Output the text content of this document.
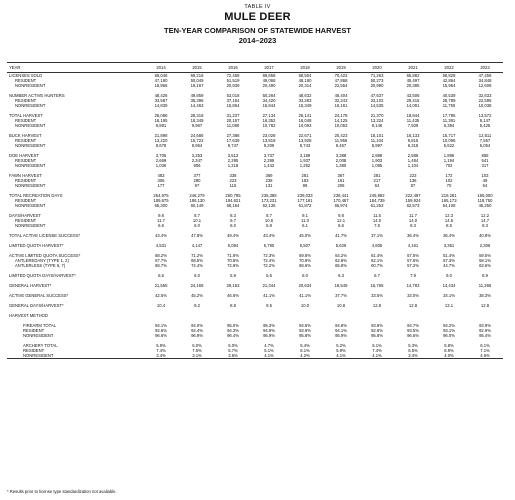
TABLE IV
MULE DEER
TEN-YEAR COMPARISON OF STATEWIDE HARVEST
2014–2023
YEAR	2014	2015	2016	2017	2018	2019	2020	2021	2022	2023
LICENSES SOLD	66,046	69,216	72,458	69,658	68,504	70,422	71,263	65,882	58,828	47,456
RESIDENT	47,180	50,049	51,519	49,068	48,190	47,868	50,273	45,497	42,864	34,848
NONRESIDENT	18,866	19,167	20,939	20,490	20,314	22,554	20,990	20,385	15,964	12,608

NUMBER ACTIVE HUNTERS	48,426	49,859	53,018	50,264	48,632	48,404	47,637	43,506	40,539	32,633
RESIDENT	33,587	35,396	37,154	34,420	33,283	32,243	33,102	29,415	28,789	22,595
NONRESIDENT	14,839	14,463	15,864	15,844	15,349	16,161	14,535	14,091	11,750	10,038

TOTAL HARVEST	26,086	28,316	31,237	27,134	26,141	24,178	21,370	18,944	17,785	13,572
RESIDENT	16,195	18,349	20,157	16,352	16,048	14,125	13,224	11,435	11,391	8,147
NONRESIDENT	9,891	9,967	11,080	10,782	10,093	10,053	8,146	7,509	6,394	5,425

BUCK HARVEST	21,898	24,686	27,386	23,028	22,671	20,423	18,101	16,133	15,717	12,611
RESIDENT	13,220	15,722	17,639	13,819	13,928	11,956	11,104	9,815	10,095	7,557
NONRESIDENT	8,678	8,964	9,747	9,209	8,743	8,467	6,997	6,318	5,622	5,054

DOE HARVEST	3,705	3,253	3,513	3,737	3,189	3,388	2,988	2,586	1,896	858
RESIDENT	2,669	2,347	2,295	2,295	1,937	2,008	1,903	1,484	1,194	541
NONRESIDENT	1,036	906	1,218	1,442	1,252	1,380	1,085	1,104	702	317

FAWN HARVEST	483	377	338	369	281	367	281	223	172	103
RESIDENT	306	280	223	238	183	161	217	136	102	49
NONRESIDENT	177	97	115	131	98	206	64	87	70	54

TOTAL RECREATION DAYS	254,975	246,279	260,785	235,388	239,033	236,441	245,992	222,497	219,281	165,000
RESIDENT	189,675	186,130	194,621	173,231	177,161	170,467	184,739	159,924	165,173	119,750
NONRESIDENT	65,300	60,149	66,164	62,135	61,872	65,974	61,253	62,573	54,108	45,250

DAYS/HARVEST	9.8	8.7	8.3	8.7	9.1	9.8	11.5	11.7	12.3	12.2
RESIDENT	11.7	10.1	9.7	10.6	11.0	12.1	14.0	14.0	14.5	14.7
NONRESIDENT	6.6	6.0	6.0	5.8	6.1	6.6	7.5	8.3	8.5	8.3

TOTAL ACTIVE LICENSE SUCCESS*	43.4%	47.8%	49.4%	43.4%	45.0%	41.7%	37.1%	36.4%	36.4%	40.8%

LIMITED QUOTA HARVEST*	4,531	4,147	5,084	5,790	5,507	5,629	4,605	4,161	3,351	2,306

ACTIVE LIMITED QUOTA SUCCESS*	68.2%	71.2%	71.8%	72.3%	69.8%	64.2%	61.4%	57.5%	51.4%	59.5%
ANTLEREDANY (TYPE 1, 2)	67.7%	68.5%	70.8%	72.4%	70.9%	62.8%	62.1%	57.6%	57.3%	58.1%
ANTLERLESS (TYPE 6, 7)	68.7%	74.4%	72.9%	72.2%	68.6%	65.8%	60.7%	57.2%	44.7%	63.6%

LIMITED QUOTA DAYS/HARVEST*	6.6	6.0	5.9	5.5	6.0	6.3	6.7	7.9	9.0	8.9

GENERAL HARVEST*	21,555	24,169	26,153	21,344	20,634	18,549	16,765	14,783	14,434	11,266

ACTIVE GENERAL SUCCESS*	42.5%	45.2%	46.6%	41.1%	41.1%	37.7%	33.5%	33.0%	34.1%	38.3%

GENERAL DAYS/HARVEST*	10.4	9.2	8.8	9.5	10.0	10.8	12.8	12.8	13.1	12.8

HARVEST METHOD										

FIREARM TOTAL	94.1%	94.0%	95.0%	95.3%	94.6%	94.8%	93.9%	94.7%	94.2%	93.9%
RESIDENT	92.6%	92.4%	94.3%	94.9%	93.9%	94.1%	92.6%	93.5%	93.1%	92.9%
NONRESIDENT	96.6%	96.9%	96.4%	95.9%	95.8%	95.9%	95.8%	96.6%	96.0%	95.4%

ARCHERY TOTAL	5.9%	6.0%	5.0%	4.7%	5.4%	5.2%	6.1%	5.3%	5.8%	6.1%
RESIDENT	7.4%	7.6%	5.7%	5.1%	6.1%	5.9%	7.4%	6.5%	6.9%	7.1%
NONRESIDENT	3.4%	3.1%	3.6%	4.1%	4.2%	4.1%	4.1%	3.4%	4.0%	4.6%
* Results prior to license type standardization not available.
